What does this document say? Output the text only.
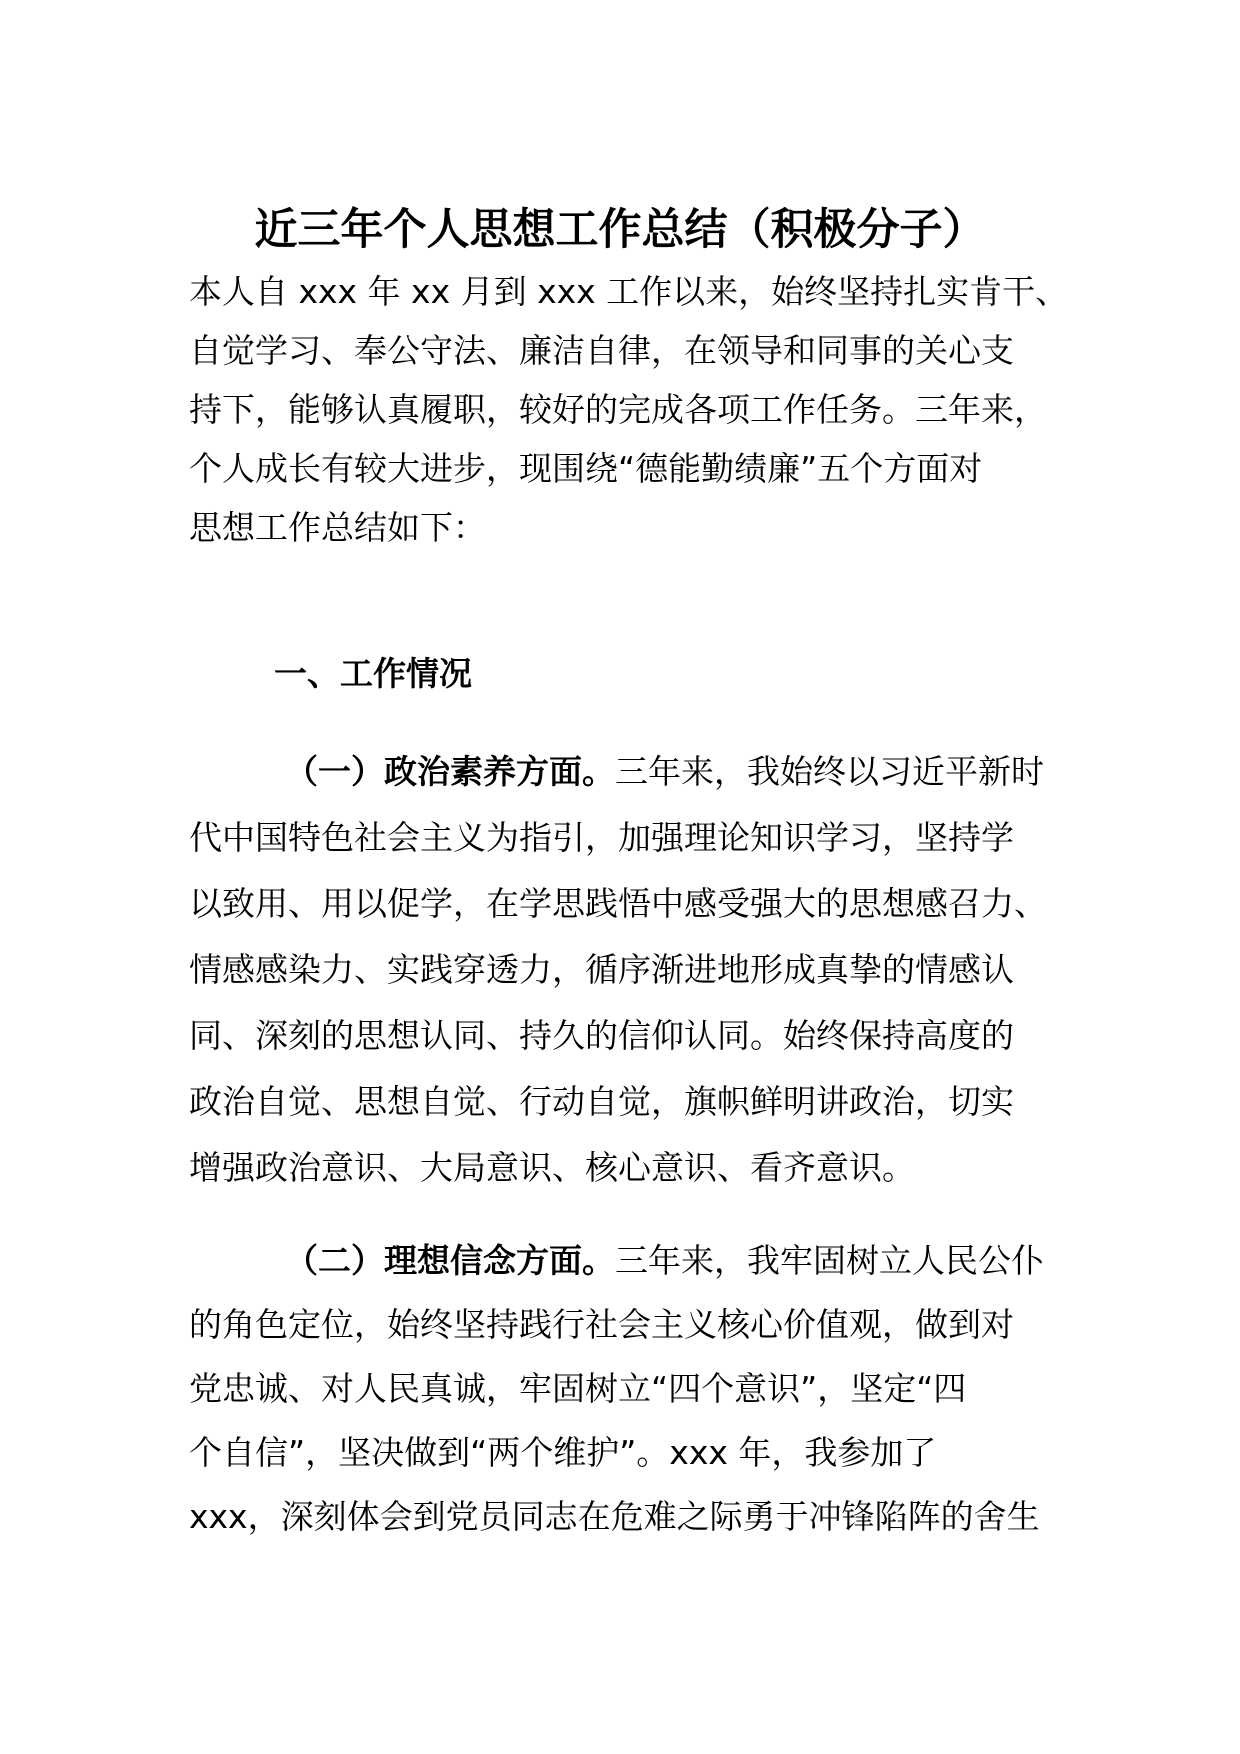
近三年个人思想工作总结（积极分子）

本人自 xxx 年 xx 月到 xxx 工作以来，始终坚持扎实肯干、

自觉学习、奉公守法、廉洁自律，在领导和同事的关心支

持下，能够认真履职，较好的完成各项工作任务。三年来，

个人成长有较大进步，现围绕“德能勤绩廉”五个方面对

思想工作总结如下：

一、工作情况

（一）政治素养方面。三年来，我始终以习近平新时

代中国特色社会主义为指引，加强理论知识学习，坚持学

以致用、用以促学，在学思践悟中感受强大的思想感召力、

情感感染力、实践穿透力，循序渐进地形成真挚的情感认

同、深刻的思想认同、持久的信仰认同。始终保持高度的

政治自觉、思想自觉、行动自觉，旗帜鲜明讲政治，切实

增强政治意识、大局意识、核心意识、看齐意识。

（二）理想信念方面。三年来，我牢固树立人民公仆

的角色定位，始终坚持践行社会主义核心价值观，做到对

党忠诚、对人民真诚，牢固树立“四个意识”，坚定“四

个自信”，坚决做到“两个维护”。xxx 年，我参加了

xxx，深刻体会到党员同志在危难之际勇于冲锋陷阵的舍生
